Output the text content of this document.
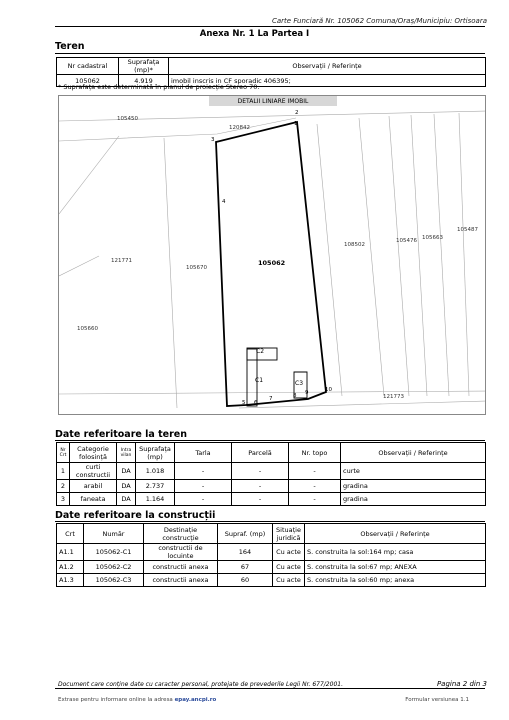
Carte Funciară Nr. 105062 Comuna/Oraș/Municipiu: Ortisoara
Anexa Nr. 1 La Partea I
Teren
Nr cadastral	Suprafața (mp)*	Observații / Referințe
105062	4.919	imobil inscris in CF sporadic 406395;
* Suprafața este determinată în planul de proiecție Stereo 70.
DETALII LINIARE IMOBIL
105450
120842
121771
105670
105660
108502
105476 105663
105487
121773
105062
1
2
3
4
5 6
7	8 9	10
C1
C2
C3
Date referitoare la teren
Nr Crt	Categorie folosință	Intra vilan	Suprafața (mp)	Tarla	Parcelă	Nr. topo	Observații / Referințe
1	curti constructii	DA	1.018	-	-	-	curte
2	arabil	DA	2.737	-	-	-	gradina
3	faneata	DA	1.164	-	-	-	gradina
Date referitoare la construcții
Crt	Număr	Destinație construcție	Supraf. (mp)	Situație juridică	Observații / Referințe
A1.1	105062-C1	constructii de locuinte	164	Cu acte	S. construita la sol:164 mp; casa
A1.2	105062-C2	constructii anexa	67	Cu acte	S. construita la sol:67 mp; ANEXA
A1.3	105062-C3	constructii anexa	60	Cu acte	S. construita la sol:60 mp; anexa
Document care conține date cu caracter personal, protejate de prevederile Legii Nr. 677/2001.	Pagina 2 din 3
Extrase pentru informare online la adresa epay.ancpi.ro	Formular versiunea 1.1
